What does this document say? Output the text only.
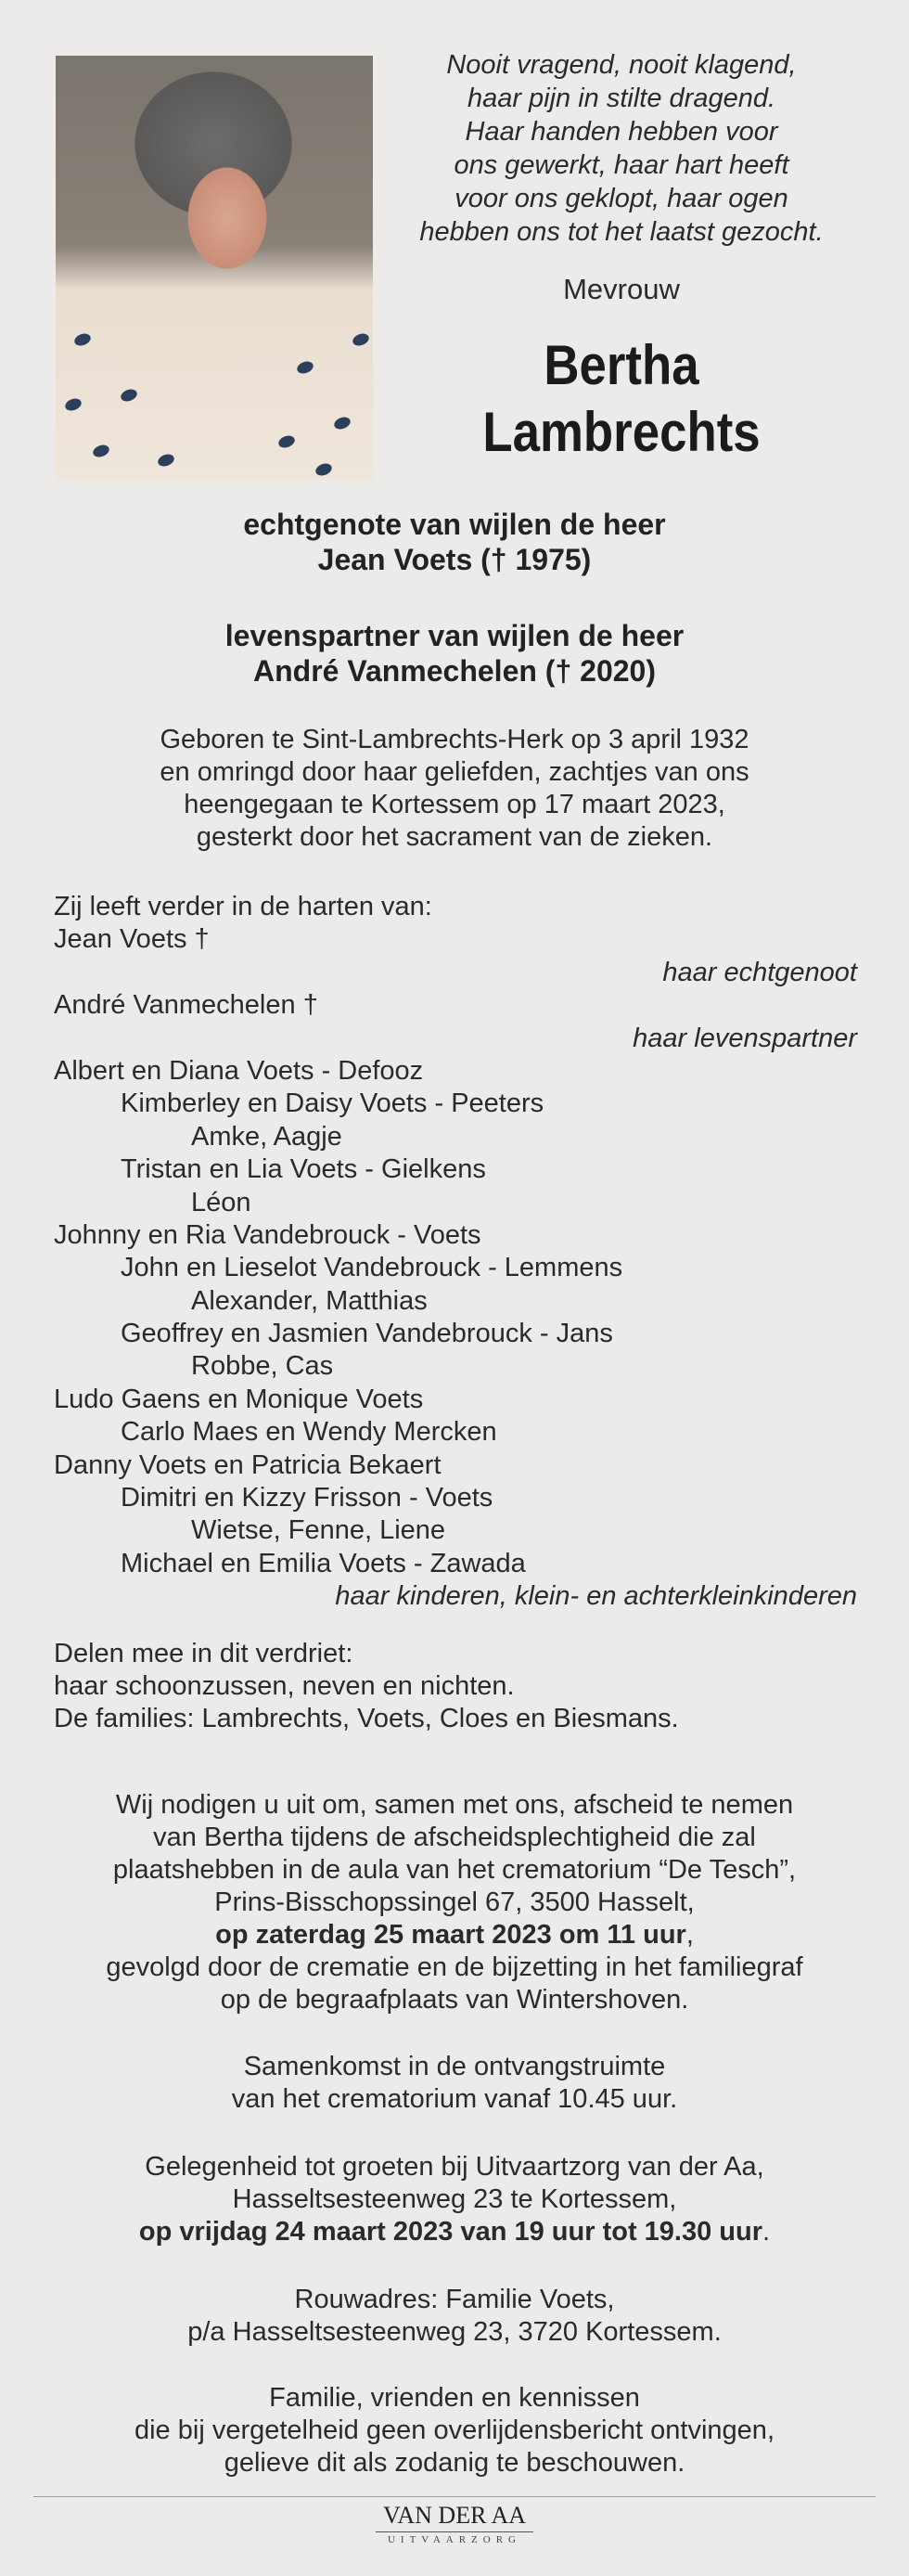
Nooit vragend, nooit klagend,
haar pijn in stilte dragend.
Haar handen hebben voor
ons gewerkt, haar hart heeft
voor ons geklopt, haar ogen
hebben ons tot het laatst gezocht.
Mevrouw
Bertha
Lambrechts
echtgenote van wijlen de heer
Jean Voets († 1975)
levenspartner van wijlen de heer
André Vanmechelen († 2020)
Geboren te Sint-Lambrechts-Herk op 3 april 1932
en omringd door haar geliefden, zachtjes van ons
heengegaan te Kortessem op 17 maart 2023,
gesterkt door het sacrament van de zieken.
Zij leeft verder in de harten van:
Jean Voets †
haar echtgenoot
André Vanmechelen †
haar levenspartner
Albert en Diana Voets - Defooz
Kimberley en Daisy Voets - Peeters
Amke, Aagje
Tristan en Lia Voets - Gielkens
Léon
Johnny en Ria Vandebrouck - Voets
John en Lieselot Vandebrouck - Lemmens
Alexander, Matthias
Geoffrey en Jasmien Vandebrouck - Jans
Robbe, Cas
Ludo Gaens en Monique Voets
Carlo Maes en Wendy Mercken
Danny Voets en Patricia Bekaert
Dimitri en Kizzy Frisson - Voets
Wietse, Fenne, Liene
Michael en Emilia Voets - Zawada
haar kinderen, klein- en achterkleinkinderen
Delen mee in dit verdriet:
haar schoonzussen, neven en nichten.
De families: Lambrechts, Voets, Cloes en Biesmans.
Wij nodigen u uit om, samen met ons, afscheid te nemen
van Bertha tijdens de afscheidsplechtigheid die zal
plaatshebben in de aula van het crematorium “De Tesch”,
Prins-Bisschopssingel 67, 3500 Hasselt,
op zaterdag 25 maart 2023 om 11 uur,
gevolgd door de crematie en de bijzetting in het familiegraf
op de begraafplaats van Wintershoven.
Samenkomst in de ontvangstruimte
van het crematorium vanaf 10.45 uur.
Gelegenheid tot groeten bij Uitvaartzorg van der Aa,
Hasseltsesteenweg 23 te Kortessem,
op vrijdag 24 maart 2023 van 19 uur tot 19.30 uur.
Rouwadres: Familie Voets,
p/a Hasseltsesteenweg 23, 3720 Kortessem.
Familie, vrienden en kennissen
die bij vergetelheid geen overlijdensbericht ontvingen,
gelieve dit als zodanig te beschouwen.
VAN DER AA
UITVAARZORG
